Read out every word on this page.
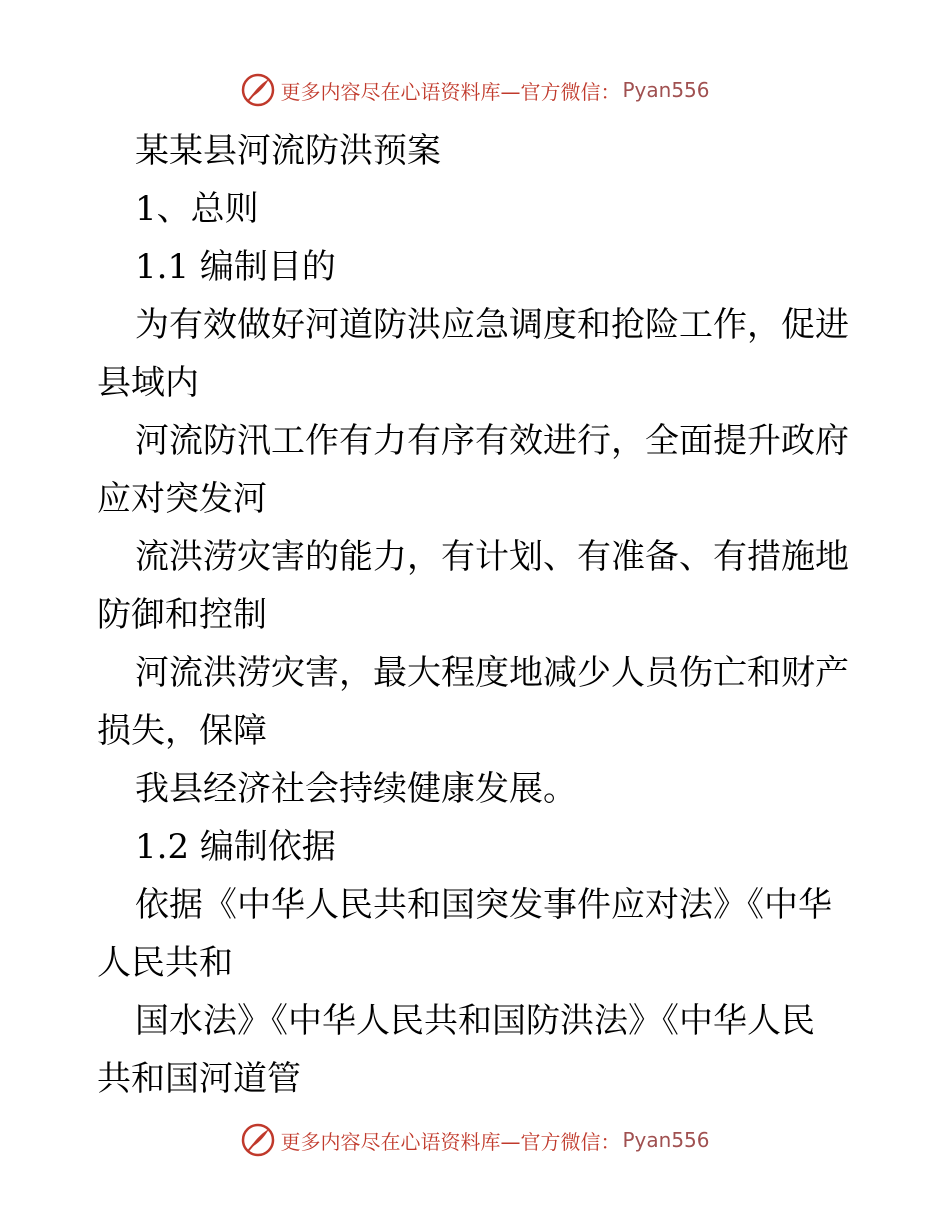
更多内容尽在心语资料库—官方微信： Pyan556
某某县河流防洪预案
1、总则
1.1 编制目的
为有效做好河道防洪应急调度和抢险工作，促进
县域内
河流防汛工作有力有序有效进行，全面提升政府
应对突发河
流洪涝灾害的能力，有计划、有准备、有措施地
防御和控制
河流洪涝灾害，最大程度地减少人员伤亡和财产
损失，保障
我县经济社会持续健康发展。
1.2 编制依据
依据《中华人民共和国突发事件应对法》《中华
人民共和
国水法》《中华人民共和国防洪法》《中华人民
共和国河道管
更多内容尽在心语资料库—官方微信： Pyan556
